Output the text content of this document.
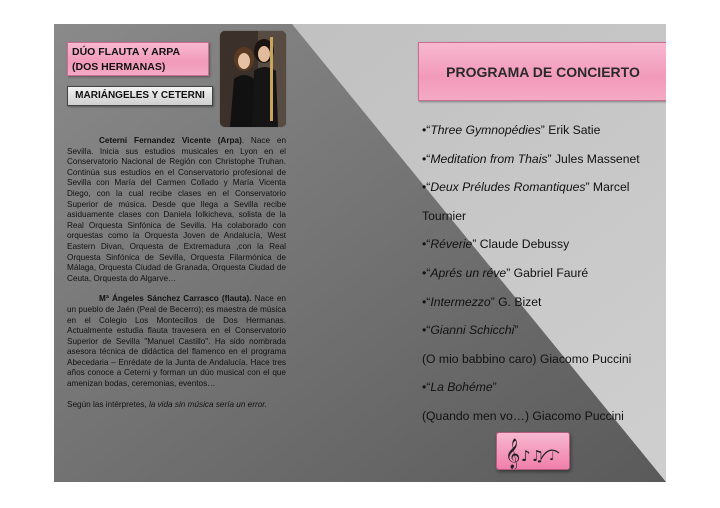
DÚO FLAUTA Y ARPA
(DOS HERMANAS)
MARIÁNGELES Y CETERNI

Ceterni Fernandez Vicente (Arpa). Nace en Sevilla. Inicia sus estudios musicales en Lyon en el Conservatorio Nacional de Región con Christophe Truhan. Continúa sus estudios en el Conservatorio profesional de Sevilla con María del Carmen Collado y María Vicenta Diego, con la cual recibe clases en el Conservatorio Superior de música. Desde que llega a Sevilla recibe asiduamente clases con Daniela Iolkicheva, solista de la Real Orquesta Sinfónica de Sevilla. Ha colaborado con orquestas como la Orquesta Joven de Andalucía, West Eastern Divan, Orquesta de Extremadura ,con la Real Orquesta Sinfónica de Sevilla, Orquesta Filarmónica de Málaga, Orquesta Ciudad de Granada, Orquesta Ciudad de Ceuta, Orquesta do Algarve…

Mª Ángeles Sánchez Carrasco (flauta). Nace en un pueblo de Jaén (Peal de Becerro); es maestra de música en el Colegio Los Montecillos de Dos Hermanas. Actualmente estudia flauta travesera en el Conservatorio Superior de Sevilla "Manuel Castillo". Ha sido nombrada asesora técnica de didáctica del flamenco en el programa Abecedaria – Enrédate de la Junta de Andalucía. Hace tres años conoce a Ceterni y forman un dúo musical con el que amenizan bodas, ceremonias, eventos…

Según las intérpretes, la vida sin música sería un error.

PROGRAMA DE CONCIERTO
•“Three Gymnopédies” Erik Satie
•“Meditation from Thais” Jules Massenet
•“Deux Préludes Romantiques” Marcel
Tournier
•“Réverie” Claude Debussy
•“Aprés un réve” Gabriel Fauré
•“Intermezzo” G. Bizet
•“Gianni Schicchi”
(O mio babbino caro) Giacomo Puccini
•“La Bohéme”
(Quando men vo…) Giacomo Puccini
𝄞 ♪♫ ♩
